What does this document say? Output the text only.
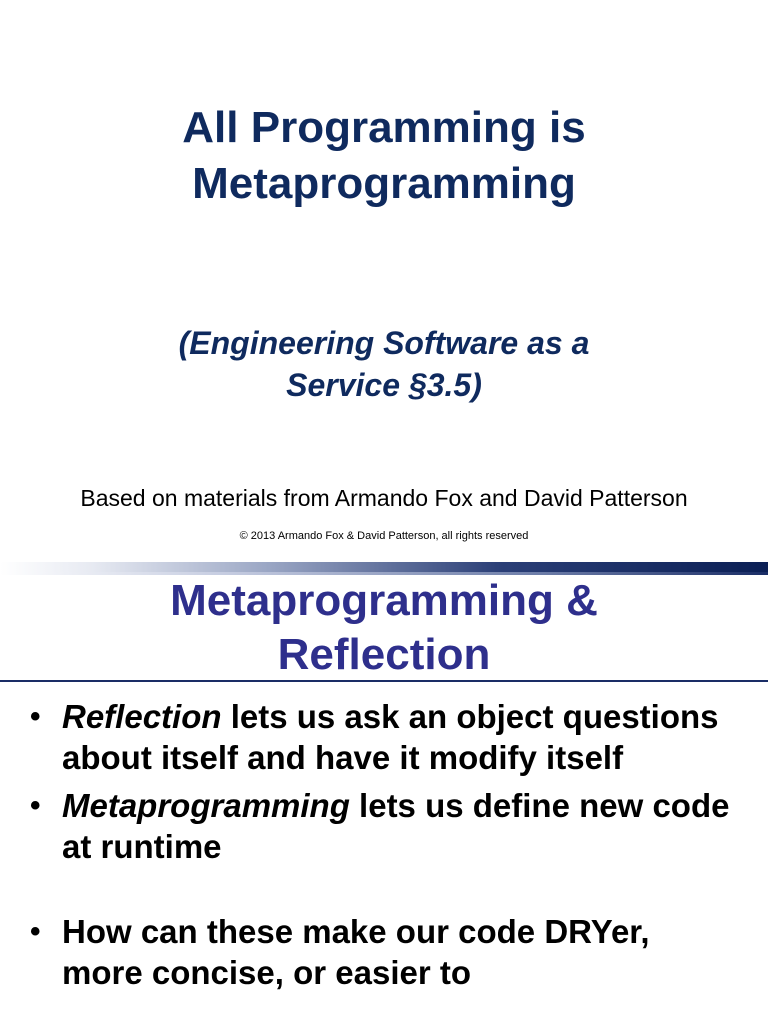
All Programming is
Metaprogramming
(Engineering Software as a
Service §3.5)
Based on materials from Armando Fox and David Patterson
© 2013 Armando Fox & David Patterson, all rights reserved
Metaprogramming &
Reflection
• Reflection lets us ask an object questions about itself and have it modify itself
• Metaprogramming lets us define new code at runtime
• How can these make our code DRYer, more concise, or easier to
